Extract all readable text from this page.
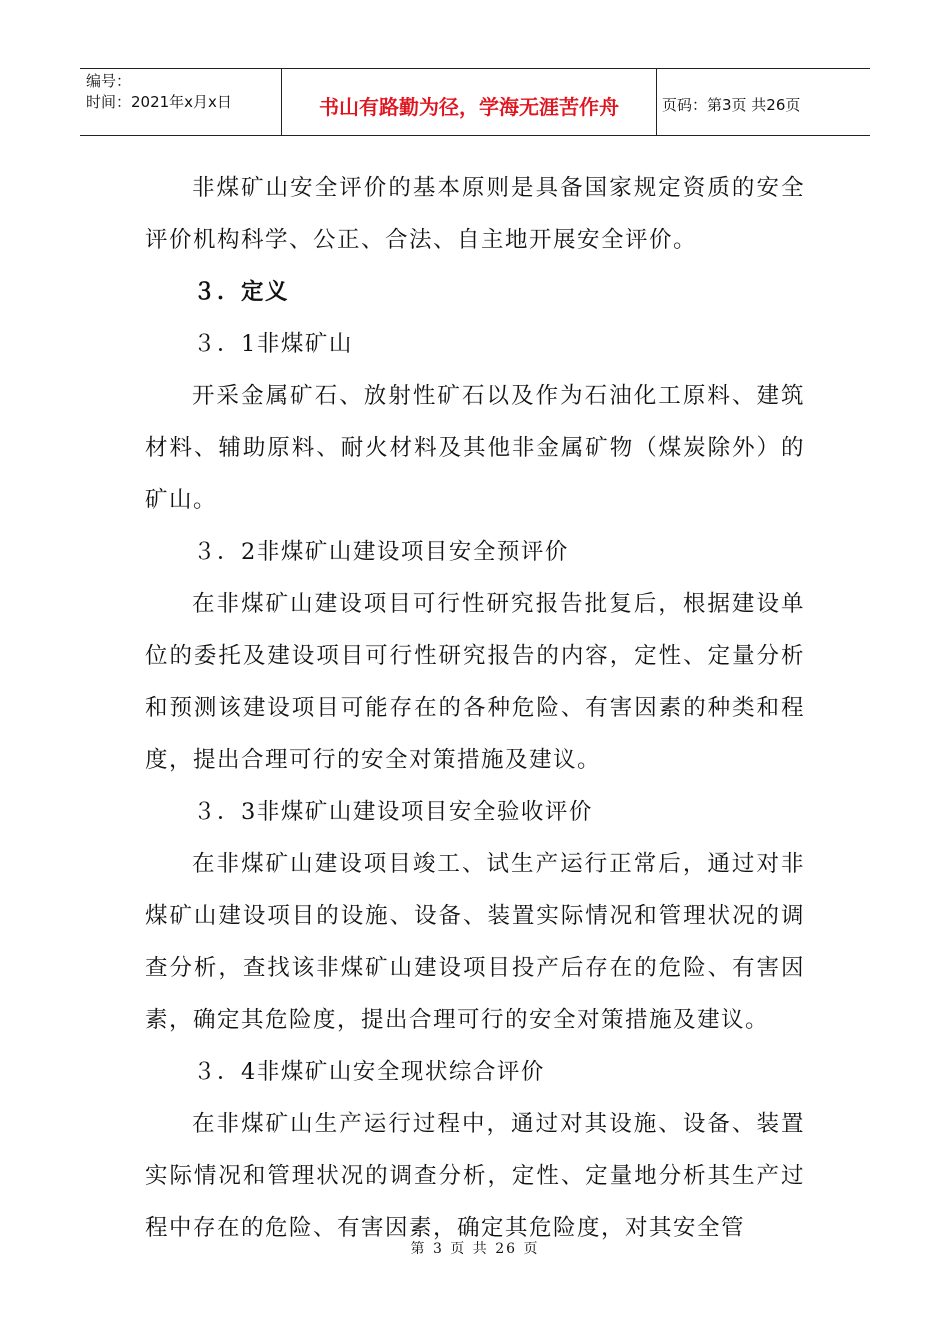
编号：
时间：2021年x月x日	书山有路勤为径，学海无涯苦作舟	页码：第3页 共26页

非煤矿山安全评价的基本原则是具备国家规定资质的安全评价机构科学、公正、合法、自主地开展安全评价。

３．定义

３．1非煤矿山

开采金属矿石、放射性矿石以及作为石油化工原料、建筑材料、辅助原料、耐火材料及其他非金属矿物（煤炭除外）的矿山。

３．2非煤矿山建设项目安全预评价

在非煤矿山建设项目可行性研究报告批复后，根据建设单位的委托及建设项目可行性研究报告的内容，定性、定量分析和预测该建设项目可能存在的各种危险、有害因素的种类和程度，提出合理可行的安全对策措施及建议。

３．3非煤矿山建设项目安全验收评价

在非煤矿山建设项目竣工、试生产运行正常后，通过对非煤矿山建设项目的设施、设备、装置实际情况和管理状况的调查分析，查找该非煤矿山建设项目投产后存在的危险、有害因素，确定其危险度，提出合理可行的安全对策措施及建议。

３．4非煤矿山安全现状综合评价

在非煤矿山生产运行过程中，通过对其设施、设备、装置实际情况和管理状况的调查分析，定性、定量地分析其生产过程中存在的危险、有害因素，确定其危险度，对其安全管

第 3 页 共 26 页
